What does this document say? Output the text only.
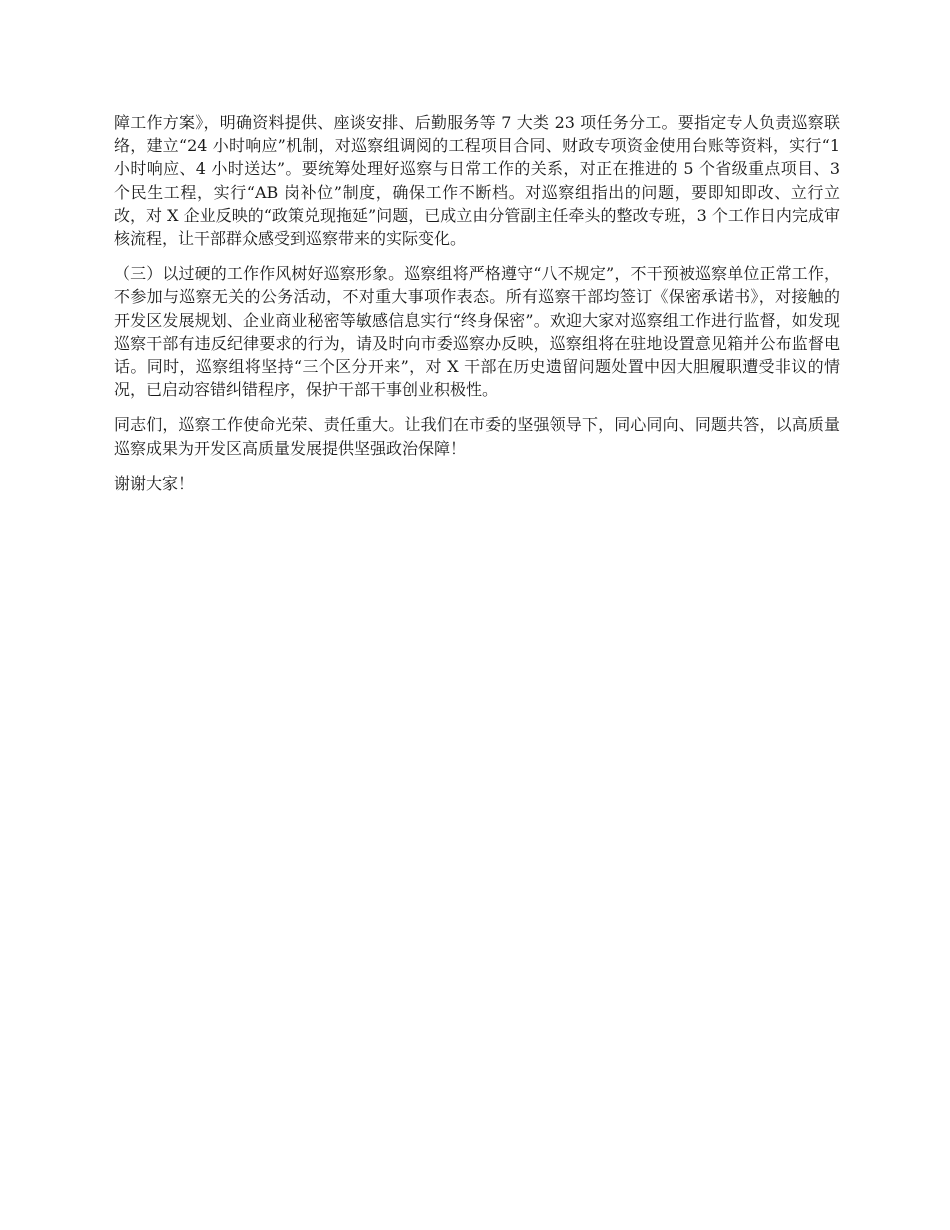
障工作方案》，明确资料提供、座谈安排、后勤服务等 7 大类 23 项任务分工。要指定专人负责巡察联络，建立“24 小时响应”机制，对巡察组调阅的工程项目合同、财政专项资金使用台账等资料，实行“1 小时响应、4 小时送达”。要统筹处理好巡察与日常工作的关系，对正在推进的 5 个省级重点项目、3 个民生工程，实行“AB 岗补位”制度，确保工作不断档。对巡察组指出的问题，要即知即改、立行立改，对 X 企业反映的“政策兑现拖延”问题，已成立由分管副主任牵头的整改专班，3 个工作日内完成审核流程，让干部群众感受到巡察带来的实际变化。

（三）以过硬的工作作风树好巡察形象。巡察组将严格遵守“八不规定”，不干预被巡察单位正常工作，不参加与巡察无关的公务活动，不对重大事项作表态。所有巡察干部均签订《保密承诺书》，对接触的开发区发展规划、企业商业秘密等敏感信息实行“终身保密”。欢迎大家对巡察组工作进行监督，如发现巡察干部有违反纪律要求的行为，请及时向市委巡察办反映，巡察组将在驻地设置意见箱并公布监督电话。同时，巡察组将坚持“三个区分开来”，对 X 干部在历史遗留问题处置中因大胆履职遭受非议的情况，已启动容错纠错程序，保护干部干事创业积极性。

同志们，巡察工作使命光荣、责任重大。让我们在市委的坚强领导下，同心同向、同题共答，以高质量巡察成果为开发区高质量发展提供坚强政治保障！

谢谢大家！
